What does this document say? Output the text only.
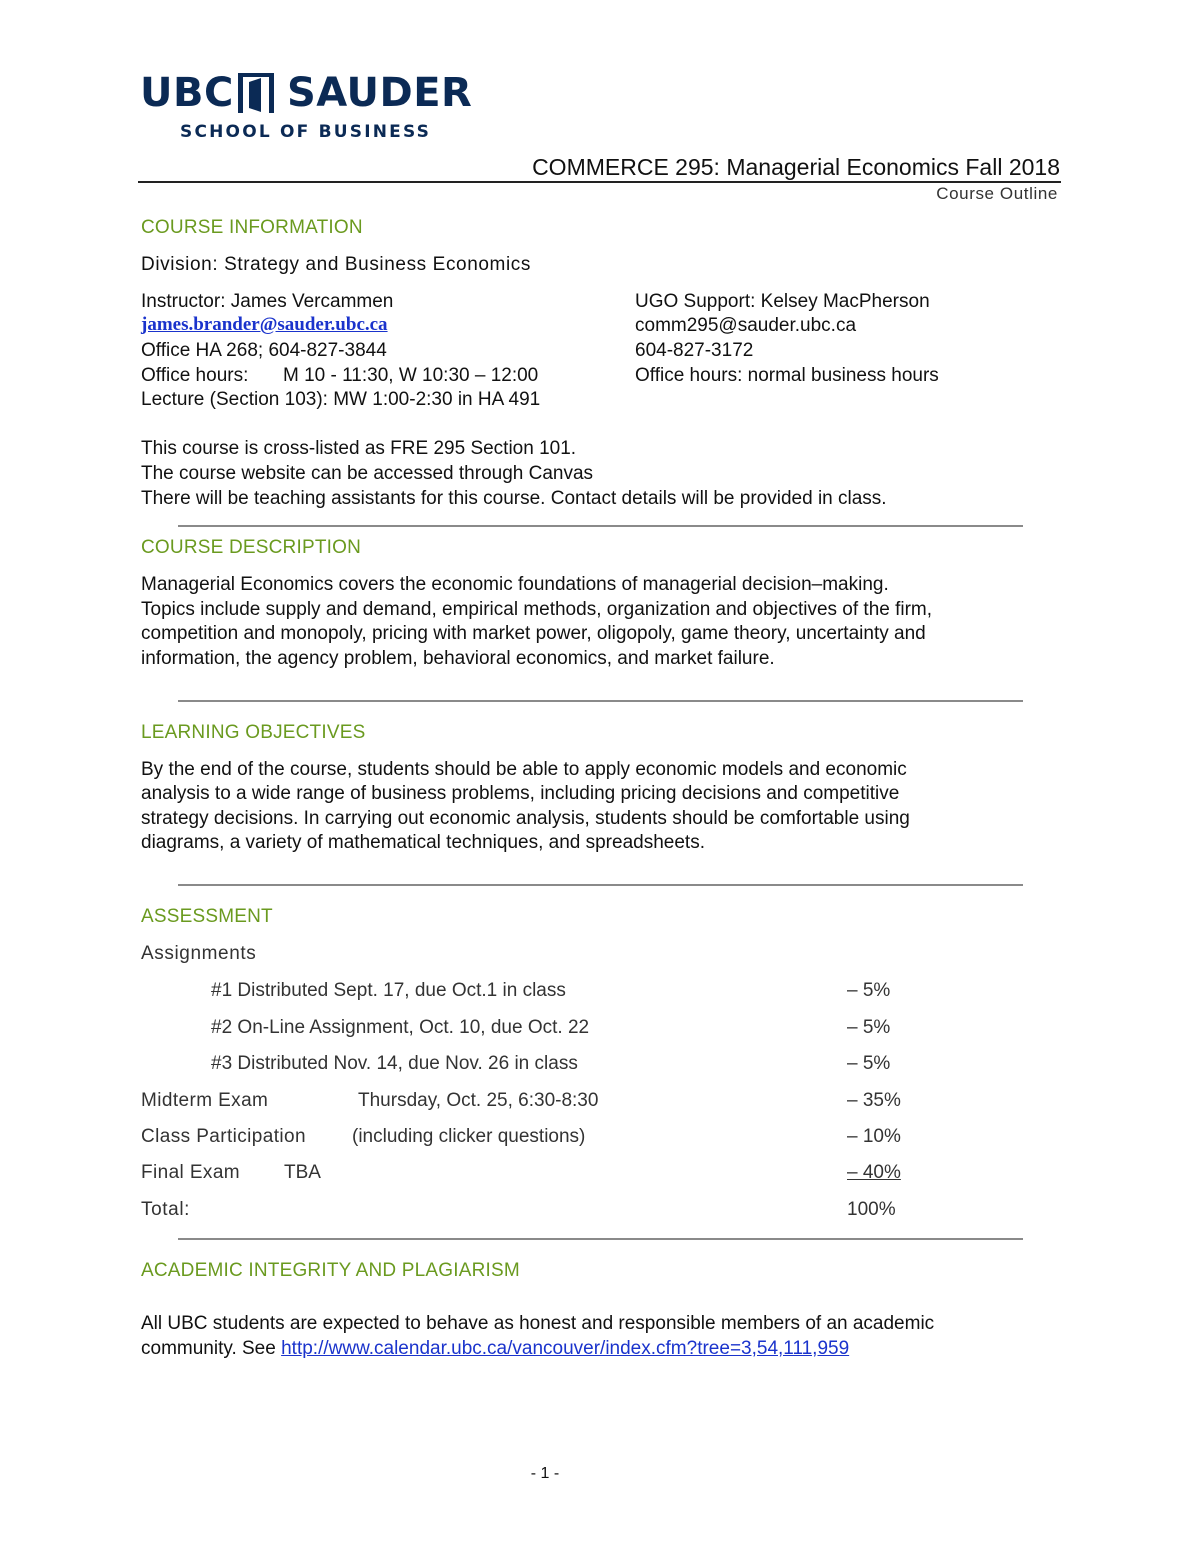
UBC SAUDER
SCHOOL OF BUSINESS
COMMERCE 295: Managerial Economics Fall 2018
Course Outline
COURSE INFORMATION
Division: Strategy and Business Economics
Instructor: James Vercammen
james.brander@sauder.ubc.ca
Office HA 268; 604-827-3844
Office hours: M 10 - 11:30, W 10:30 – 12:00
Lecture (Section 103): MW 1:00-2:30 in HA 491
UGO Support: Kelsey MacPherson
comm295@sauder.ubc.ca
604-827-3172
Office hours: normal business hours
This course is cross-listed as FRE 295 Section 101.
The course website can be accessed through Canvas
There will be teaching assistants for this course. Contact details will be provided in class.
COURSE DESCRIPTION
Managerial Economics covers the economic foundations of managerial decision–making.
Topics include supply and demand, empirical methods, organization and objectives of the firm,
competition and monopoly, pricing with market power, oligopoly, game theory, uncertainty and
information, the agency problem, behavioral economics, and market failure.
LEARNING OBJECTIVES
By the end of the course, students should be able to apply economic models and economic
analysis to a wide range of business problems, including pricing decisions and competitive
strategy decisions. In carrying out economic analysis, students should be comfortable using
diagrams, a variety of mathematical techniques, and spreadsheets.
ASSESSMENT
Assignments
#1 Distributed Sept. 17, due Oct.1 in class	– 5%
#2 On-Line Assignment, Oct. 10, due Oct. 22	– 5%
#3 Distributed Nov. 14, due Nov. 26 in class	– 5%
Midterm Exam	Thursday, Oct. 25, 6:30-8:30	– 35%
Class Participation (including clicker questions)	– 10%
Final Exam TBA	– 40%
Total:	100%
ACADEMIC INTEGRITY AND PLAGIARISM
All UBC students are expected to behave as honest and responsible members of an academic
community. See http://www.calendar.ubc.ca/vancouver/index.cfm?tree=3,54,111,959
- 1 -
